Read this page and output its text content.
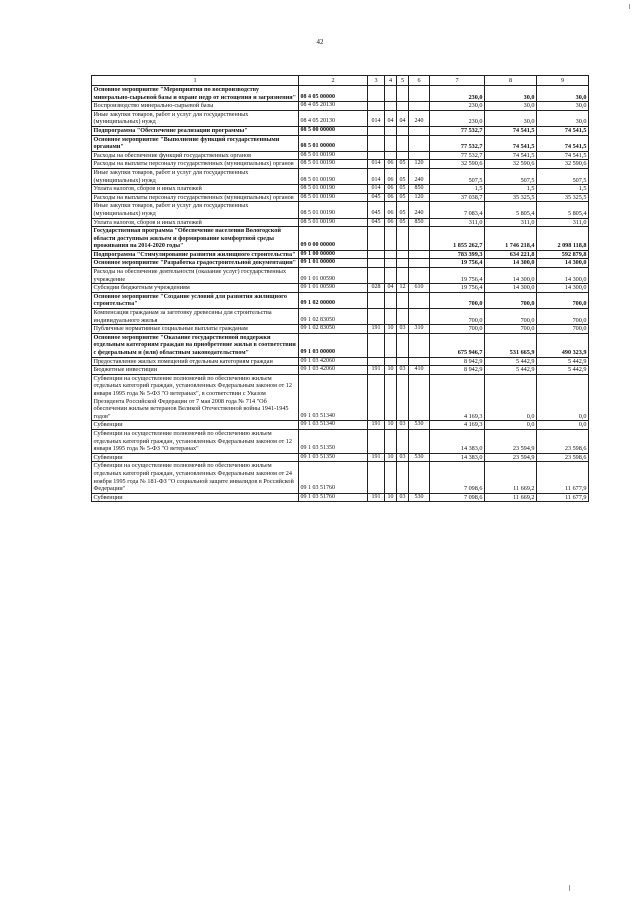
42
1	2	3	4	5	6	7	8	9
Основное мероприятие "Мероприятия по воспроизводству минерально-сырьевой базы и охране недр от истощения и загрязнения"	08 4 05 00000					230,0	30,0	30,0
Воспроизводство минерально-сырьевой базы	08 4 05 20130					230,0	30,0	30,0
Иные закупки товаров, работ и услуг для государственных (муниципальных) нужд	08 4 05 20130	014	04	04	240	230,0	30,0	30,0
Подпрограмма "Обеспечение реализации программы"	08 5 00 00000					77 532,7	74 541,5	74 541,5
Основное мероприятие "Выполнение функций государственными органами"	08 5 01 00000					77 532,7	74 541,5	74 541,5
Расходы на обеспечение функций государственных органов	08 5 01 00190					77 532,7	74 541,5	74 541,5
Расходы на выплаты персоналу государственных (муниципальных) органов	08 5 01 00190	014	06	05	120	32 590,6	32 590,6	32 590,6
Иные закупки товаров, работ и услуг для государственных (муниципальных) нужд	08 5 01 00190	014	06	05	240	507,5	507,5	507,5
Уплата налогов, сборов и иных платежей	08 5 01 00190	014	06	05	850	1,5	1,5	1,5
Расходы на выплаты персоналу государственных (муниципальных) органов	08 5 01 00190	045	06	05	120	37 038,7	35 325,5	35 325,5
Иные закупки товаров, работ и услуг для государственных (муниципальных) нужд	08 5 01 00190	045	06	05	240	7 083,4	5 805,4	5 805,4
Уплата налогов, сборов и иных платежей	08 5 01 00190	045	06	05	850	311,0	311,0	311,0
Государственная программа "Обеспечение населения Вологодской области доступным жильем и формирование комфортной среды проживания на 2014-2020 годы"	09 0 00 00000					1 855 262,7	1 746 218,4	2 098 118,8
Подпрограмма "Стимулирование развития жилищного строительства"	09 1 00 00000					783 399,3	634 221,8	592 879,8
Основное мероприятие "Разработка градостроительной документации"	09 1 01 00000					19 756,4	14 300,0	14 300,0
Расходы на обеспечение деятельности (оказание услуг) государственных учреждение	09 1 01 00590					19 756,4	14 300,0	14 300,0
Субсидии бюджетным учреждениям	09 1 01 00590	028	04	12	610	19 756,4	14 300,0	14 300,0
Основное мероприятие "Создание условий для развития жилищного строительства"	09 1 02 00000					700,0	700,0	700,0
Компенсация гражданам за заготовку древесины для строительства индивидуального жилья	09 1 02 83050					700,0	700,0	700,0
Публичные нормативные социальные выплаты гражданам	09 1 02 83050	191	10	03	310	700,0	700,0	700,0
Основное мероприятие "Оказание государственной поддержки отдельным категориям граждан на приобретение жилья в соответствии с федеральным и (или) областным законодательством"	09 1 03 00000					675 946,7	531 665,9	490 323,9
Предоставление жилых помещений отдельным категориям граждан	09 1 03 42060					8 942,9	5 442,9	5 442,9
Бюджетные инвестиции	09 1 03 42060	191	10	03	410	8 942,9	5 442,9	5 442,9
Субвенции на осуществление полномочий по обеспечению жильем отдельных категорий граждан, установленных Федеральным законом от 12 января 1995 года № 5-ФЗ "О ветеранах", в соответствии с Указом Президента Российской Федерации от 7 мая 2008 года № 714 "Об обеспечении жильем ветеранов Великой Отечественной войны 1941-1945 годов"	09 1 03 51340					4 169,3	0,0	0,0
Субвенции	09 1 03 51340	191	10	03	530	4 169,3	0,0	0,0
Субвенции на осуществление полномочий по обеспечению жильем отдельных категорий граждан, установленных Федеральным законом от 12 января 1995 года № 5-ФЗ "О ветеранах"	09 1 03 51350					14 383,0	23 594,9	23 598,6
Субвенции	09 1 03 51350	191	10	03	530	14 383,0	23 594,9	23 598,6
Субвенции на осуществление полномочий по обеспечению жильем отдельных категорий граждан, установленных Федеральным законом от 24 ноября 1995 года № 181-ФЗ "О социальной защите инвалидов в Российской Федерации"	09 1 03 51760					7 098,6	11 669,2	11 677,9
Субвенции	09 1 03 51760	191	10	03	530	7 098,6	11 669,2	11 677,9
